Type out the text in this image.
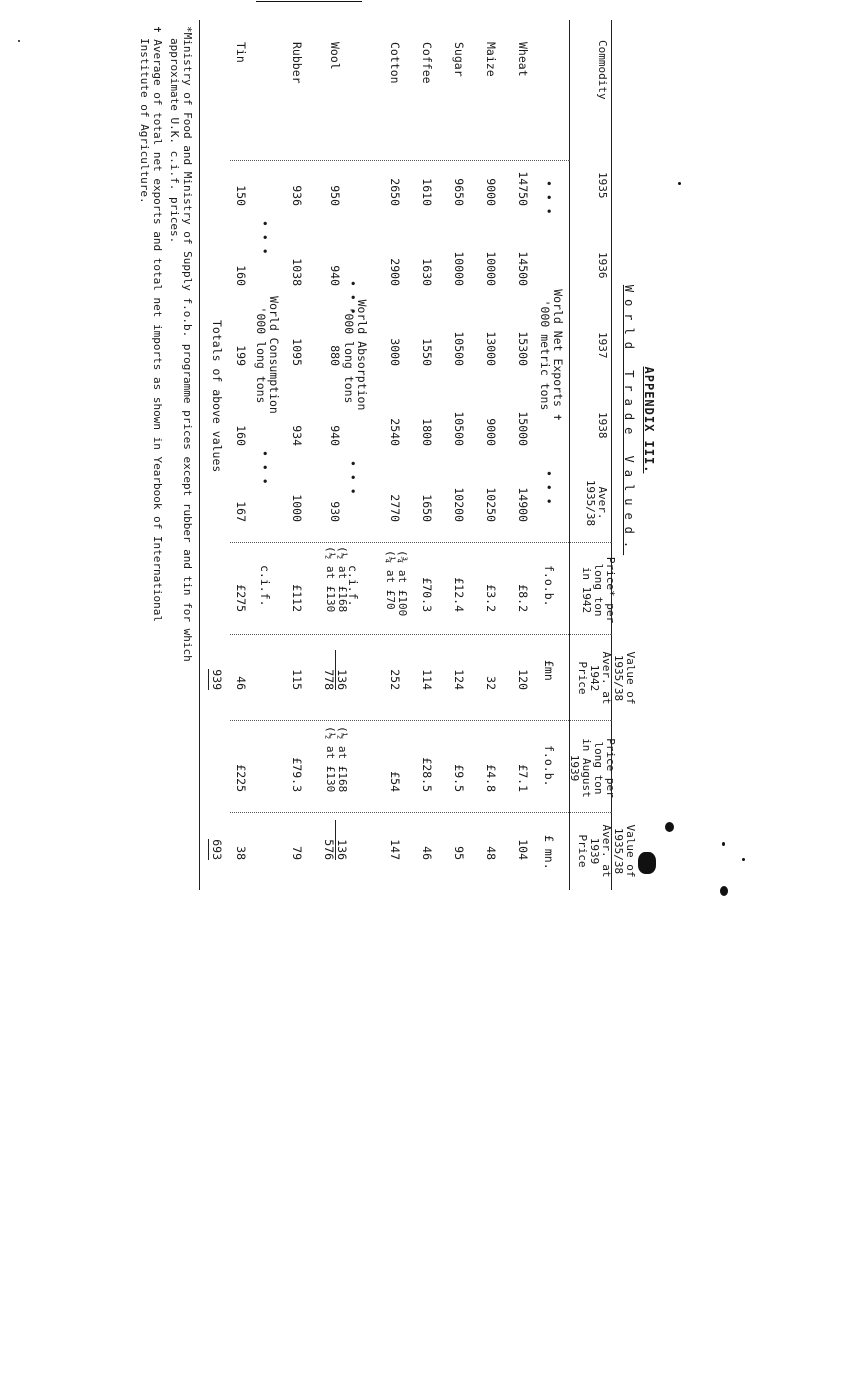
APPENDIX III.
World Trade Valued.
Commodity
1935
1936
1937
1938
Aver.
1935/38
Price* per
long ton
in 1942
Value of
1935/38
Aver. at
1942
Price
Price per
long ton
in August
1939
Value of
1935/38
Aver. at
1939
Price
World Net Exports ✝
'000 metric tons
• • •
• • •
f.o.b.
£mn
f.o.b.
£ mn.
Wheat
14750
14500
15300
15000
14900
£8.2
120
£7.1
104
Maize
9000
10000
13000
9000
10250
£3.2
32
£4.8
48
Sugar
9650
10000
10500
10500
10200
£12.4
124
£9.5
95
Coffee
1610
1630
1550
1800
1650
£70.3
114
£28.5
46
Cotton
2650
2900
3000
2540
2770
(¾ at £100
(¼ at £70
252
£54
147
World Absorption
'000 long tons
• • •
• • •
c.i.f.
Wool
950
940
880
940
930
(½ at £168
(½ at £130
136
778
(½ at £168
(½ at £130
136
576
Rubber
936
1038
1095
934
1000
£112
115
£79.3
79
World Consumption
'000 long tons
• • •
• • •
c.i.f.
Tin
150
160
199
160
167
£275
46
£225
38
Totals of above values
939
693
*Ministry of Food and Ministry of Supply f.o.b. programme prices except rubber and tin for which
approximate U.K. c.i.f. prices.
✝ Average of total net exports and total net imports as shown in Yearbook of International
Institute of Agriculture.
